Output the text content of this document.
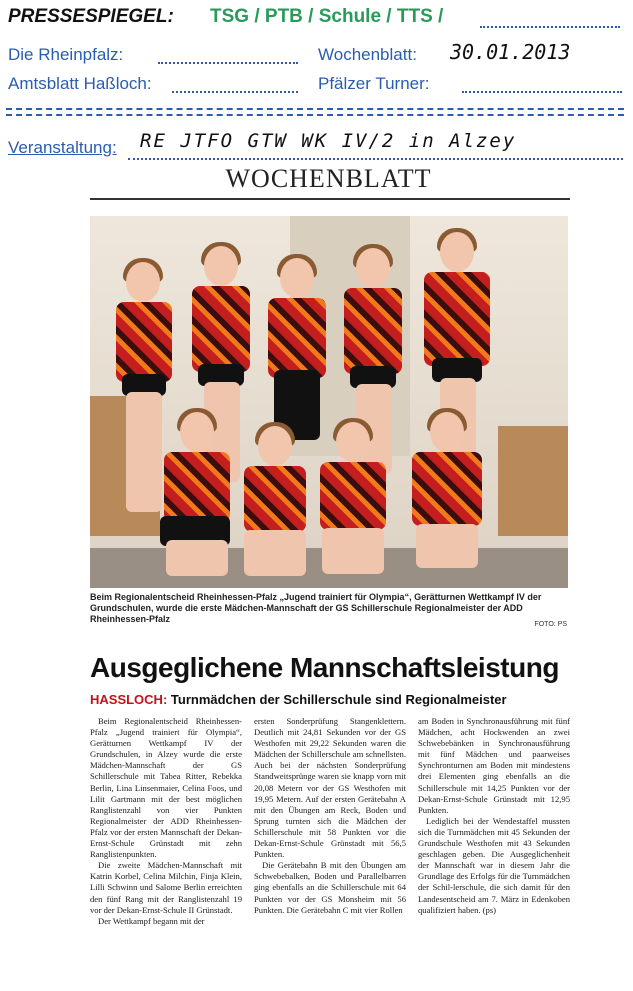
PRESSESPIEGEL: TSG / PTB / Schule / TTS /
Die Rheinpfalz:	Wochenblatt: 30.01.2013
Amtsblatt Haßloch:	Pfälzer Turner:
Veranstaltung: RE JTFO GTW WK IV/2 in Alzey
WOCHENBLATT
Beim Regionalentscheid Rheinhessen-Pfalz „Jugend trainiert für Olympia“, Gerätturnen Wettkampf IV der Grundschulen, wurde die erste Mädchen-Mannschaft der GS Schillerschule Regionalmeister der ADD Rheinhessen-Pfalz
FOTO: PS
Ausgeglichene Mannschaftsleistung
HASSLOCH: Turnmädchen der Schillerschule sind Regionalmeister

Beim Regionalentscheid Rheinhessen-Pfalz „Jugend trainiert für Olympia“, Gerätturnen Wettkampf IV der Grundschulen, in Alzey wurde die erste Mädchen-Mannschaft der GS Schillerschule mit Tabea Ritter, Rebekka Berlin, Lina Linsenmaier, Celina Foos, und Lilit Gartmann mit der best möglichen Ranglistenzahl von vier Punkten Regionalmeister der ADD Rheinhessen-Pfalz vor der ersten Mannschaft der Dekan-Ernst-Schule Grünstadt mit zehn Ranglistenpunkten.

Die zweite Mädchen-Mannschaft mit Katrin Korbel, Celina Milchin, Finja Klein, Lilli Schwinn und Salome Berlin erreichten den fünf Rang mit der Ranglistenzahl 19 vor der Dekan-Ernst-Schule II Grünstadt.

Der Wettkampf begann mit der

ersten Sonderprüfung Stangenklettern. Deutlich mit 24,81 Sekunden vor der GS Westhofen mit 29,22 Sekunden waren die Mädchen der Schillerschule am schnellsten. Auch bei der nächsten Sonderprüfung Standweitsprünge waren sie knapp vorn mit 20,08 Metern vor der GS Westhofen mit 19,95 Metern. Auf der ersten Gerätebahn A mit den Übungen am Reck, Boden und Sprung turnten sich die Mädchen der Schillerschule mit 58 Punkten vor die Dekan-Ernst-Schule Grünstadt mit 56,5 Punkten.

Die Gerätebahn B mit den Übungen am Schwebebalken, Boden und Parallelbarren ging ebenfalls an die Schillerschule mit 64 Punkten vor der GS Monsheim mit 56 Punkten. Die Gerätebahn C mit vier Rollen

am Boden in Synchronausführung mit fünf Mädchen, acht Hockwenden an zwei Schwebebänken in Synchronausführung mit fünf Mädchen und paarweises Synchronturnen am Boden mit mindestens drei Elementen ging ebenfalls an die Schillerschule mit 14,25 Punkten vor der Dekan-Ernst-Schule Grünstadt mit 12,95 Punkten.

Lediglich bei der Wendestaffel mussten sich die Turnmädchen mit 45 Sekunden der Grundschule Westhofen mit 43 Sekunden geschlagen geben. Die Ausgeglichenheit der Mannschaft war in diesem Jahr die Grundlage des Erfolgs für die Turnmädchen der Schil-lerschule, die sich damit für den Landesentscheid am 7. März in Edenkoben qualifiziert haben. (ps)
